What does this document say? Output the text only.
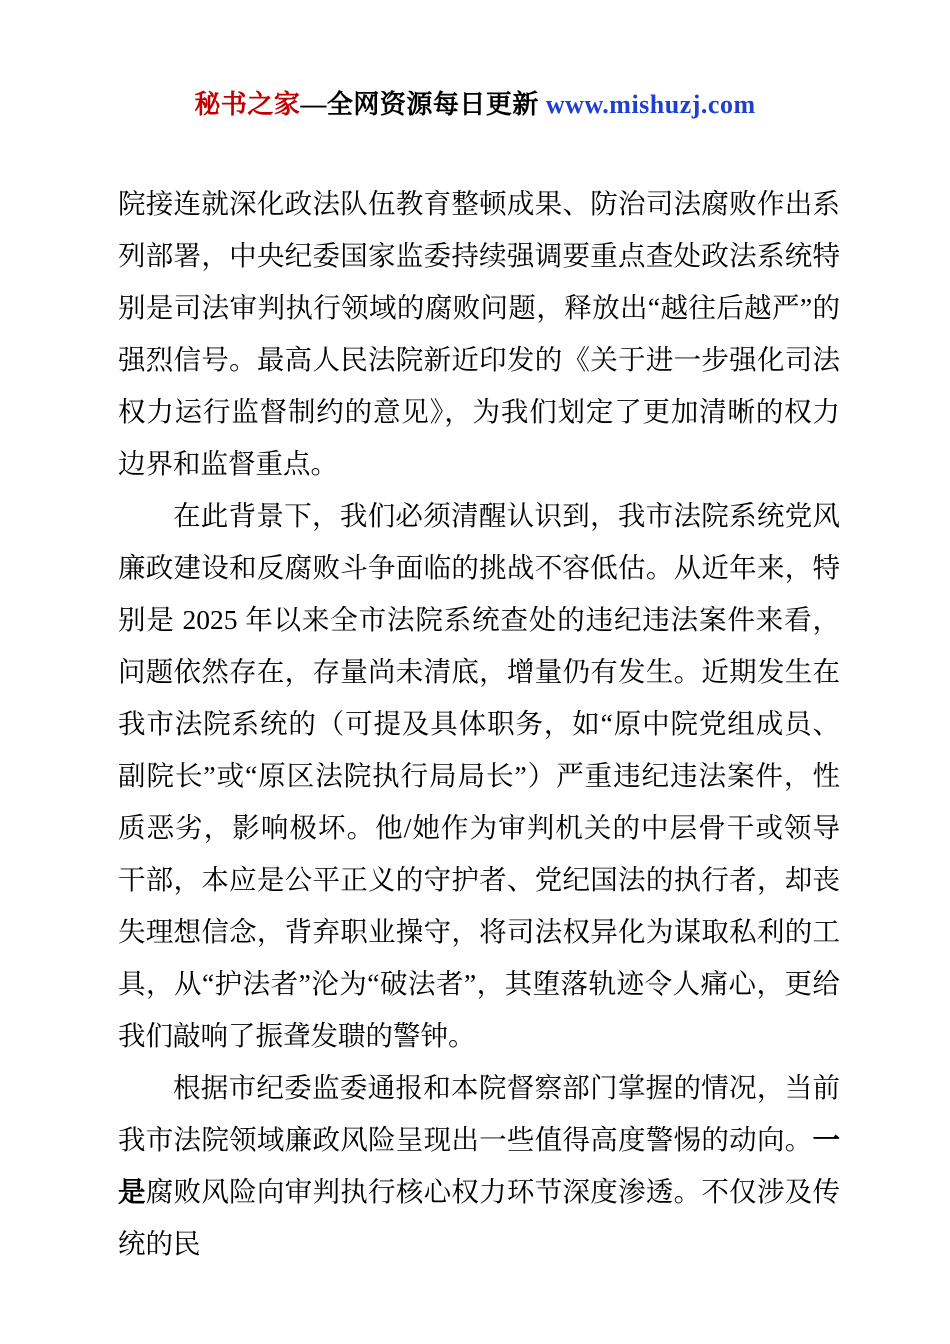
秘书之家—全网资源每日更新 www.mishuzj.com

院接连就深化政法队伍教育整顿成果、防治司法腐败作出系列部署，中央纪委国家监委持续强调要重点查处政法系统特别是司法审判执行领域的腐败问题，释放出“越往后越严”的强烈信号。最高人民法院新近印发的《关于进一步强化司法权力运行监督制约的意见》，为我们划定了更加清晰的权力边界和监督重点。

在此背景下，我们必须清醒认识到，我市法院系统党风廉政建设和反腐败斗争面临的挑战不容低估。从近年来，特别是 2025 年以来全市法院系统查处的违纪违法案件来看，问题依然存在，存量尚未清底，增量仍有发生。近期发生在我市法院系统的（可提及具体职务，如“原中院党组成员、副院长”或“原区法院执行局局长”）严重违纪违法案件，性质恶劣，影响极坏。他/她作为审判机关的中层骨干或领导干部，本应是公平正义的守护者、党纪国法的执行者，却丧失理想信念，背弃职业操守，将司法权异化为谋取私利的工具，从“护法者”沦为“破法者”，其堕落轨迹令人痛心，更给我们敲响了振聋发聩的警钟。

根据市纪委监委通报和本院督察部门掌握的情况，当前我市法院领域廉政风险呈现出一些值得高度警惕的动向。一是腐败风险向审判执行核心权力环节深度渗透。不仅涉及传统的民
